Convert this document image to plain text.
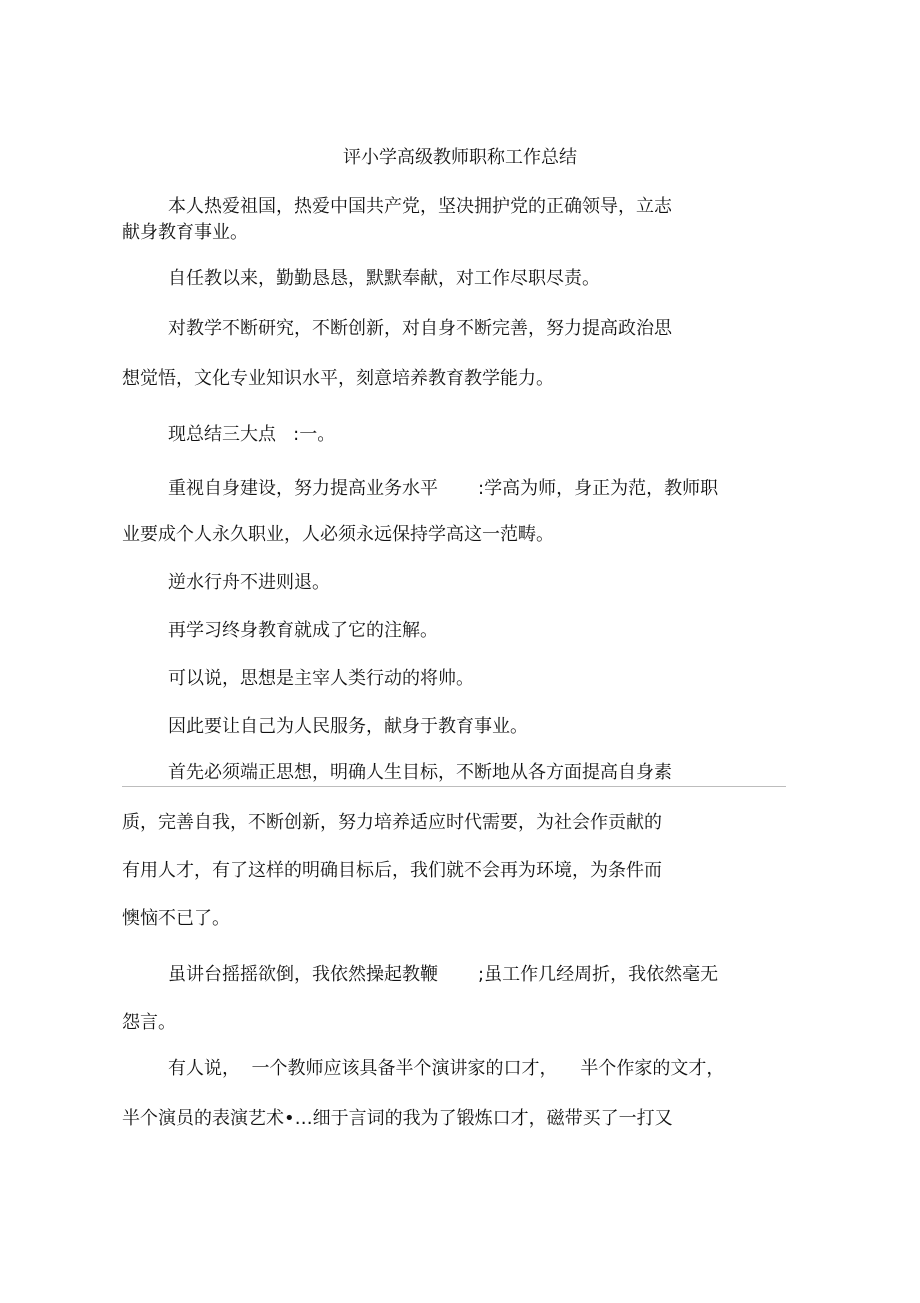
评小学高级教师职称工作总结
本人热爱祖国，热爱中国共产党，坚决拥护党的正确领导，立志
献身教育事业。
自任教以来，勤勤恳恳，默默奉献，对工作尽职尽责。
对教学不断研究，不断创新，对自身不断完善，努力提高政治思
想觉悟，文化专业知识水平，刻意培养教育教学能力。
现总结三大点   :一。
重视自身建设，努力提高业务水平       :学高为师，身正为范，教师职
业要成个人永久职业，人必须永远保持学高这一范畴。
逆水行舟不进则退。
再学习终身教育就成了它的注解。
可以说，思想是主宰人类行动的将帅。
因此要让自己为人民服务，献身于教育事业。
首先必须端正思想，明确人生目标，不断地从各方面提高自身素
质，完善自我，不断创新，努力培养适应时代需要，为社会作贡献的
有用人才，有了这样的明确目标后，我们就不会再为环境，为条件而
懊恼不已了。
虽讲台摇摇欲倒，我依然操起教鞭       ;虽工作几经周折，我依然毫无
怨言。
有人说，  一个教师应该具备半个演讲家的口才，    半个作家的文才，
半个演员的表演艺术•…细于言词的我为了锻炼口才，磁带买了一打又
